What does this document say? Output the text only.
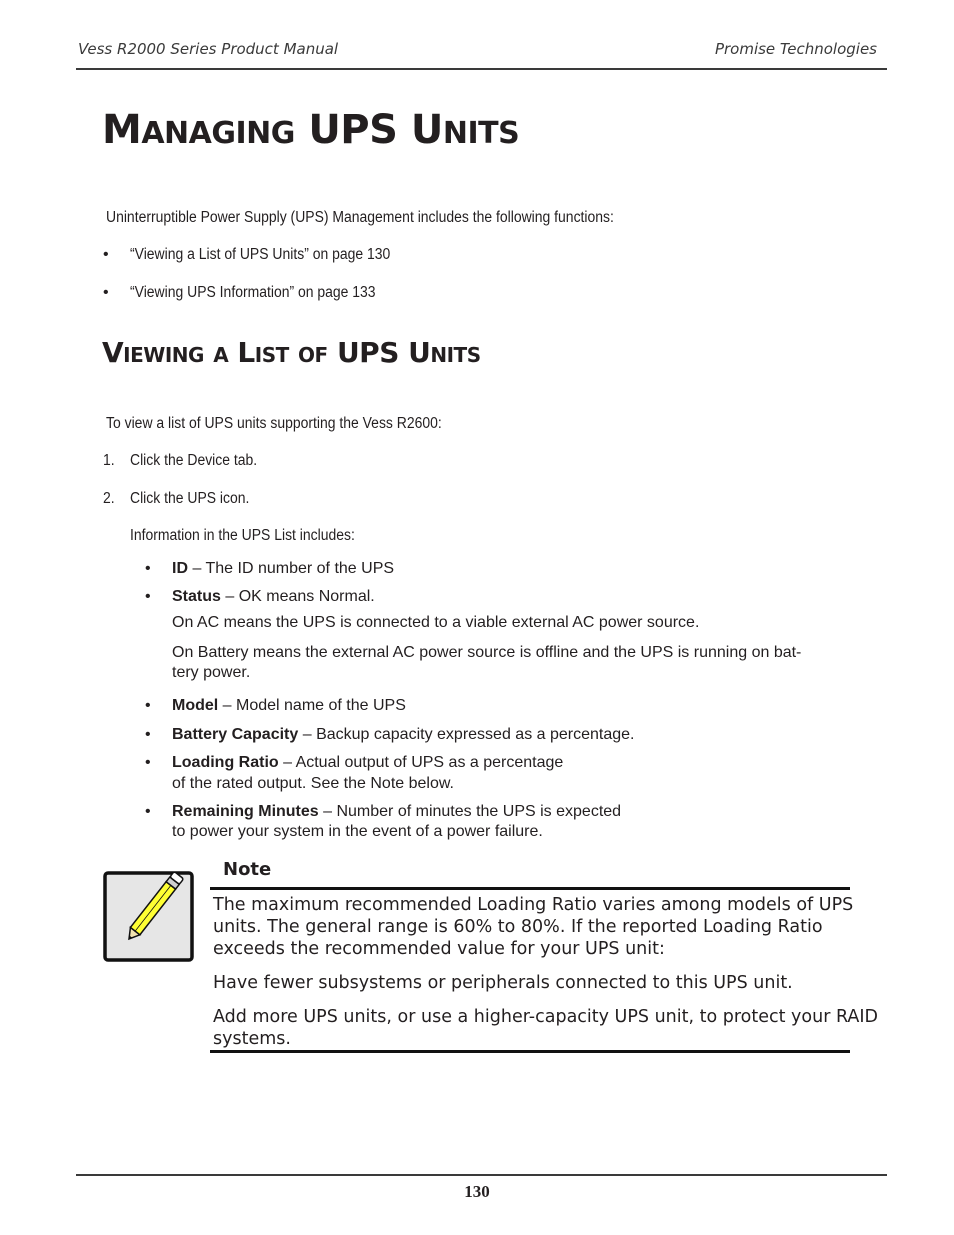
Vess R2000 Series Product Manual	Promise Technologies
MANAGING UPS UNITS
Uninterruptible Power Supply (UPS) Management includes the following functions:
• “Viewing a List of UPS Units” on page 130
• “Viewing UPS Information” on page 133
VIEWING A LIST OF UPS UNITS
To view a list of UPS units supporting the Vess R2600:
1. Click the Device tab.
2. Click the UPS icon.
Information in the UPS List includes:
• ID – The ID number of the UPS
• Status – OK means Normal.
On AC means the UPS is connected to a viable external AC power source.
On Battery means the external AC power source is offline and the UPS is running on bat-
tery power.
• Model – Model name of the UPS
• Battery Capacity – Backup capacity expressed as a percentage.
• Loading Ratio – Actual output of UPS as a percentage
of the rated output. See the Note below.
• Remaining Minutes – Number of minutes the UPS is expected
to power your system in the event of a power failure.
Note
The maximum recommended Loading Ratio varies among models of UPS
units. The general range is 60% to 80%. If the reported Loading Ratio
exceeds the recommended value for your UPS unit:
Have fewer subsystems or peripherals connected to this UPS unit.
Add more UPS units, or use a higher-capacity UPS unit, to protect your RAID
systems.
130
